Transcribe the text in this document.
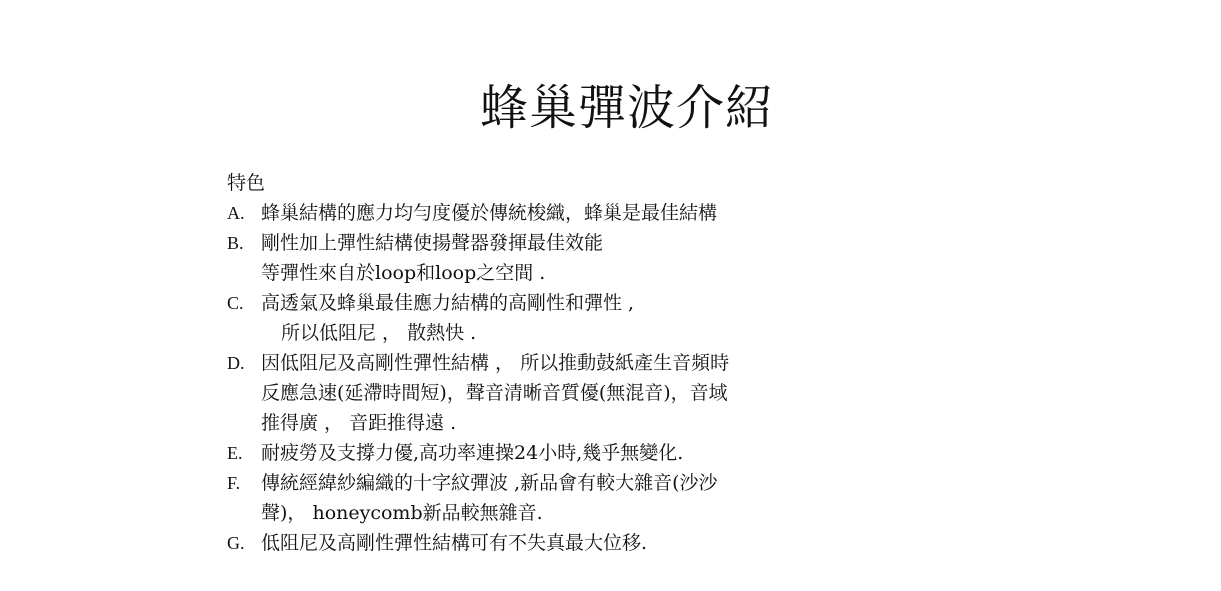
蜂巢彈波介紹
特色
A. 蜂巢結構的應力均勻度優於傳統梭織，蜂巢是最佳結構
B. 剛性加上彈性結構使揚聲器發揮最佳效能
等彈性來自於loop和loop之空間 .
C. 高透氣及蜂巢最佳應力結構的高剛性和彈性 ,
所以低阻尼 ， 散熱快 .
D. 因低阻尼及高剛性彈性結構 ， 所以推動鼓紙產生音頻時
反應急速(延滯時間短)，聲音清晰音質優(無混音)，音域
推得廣 ， 音距推得遠 .
E. 耐疲勞及支撐力優,高功率連操24小時,幾乎無變化.
F. 傳統經緯紗編織的十字紋彈波 ,新品會有較大雜音(沙沙
聲)， honeycomb新品較無雜音.
G. 低阻尼及高剛性彈性結構可有不失真最大位移.
